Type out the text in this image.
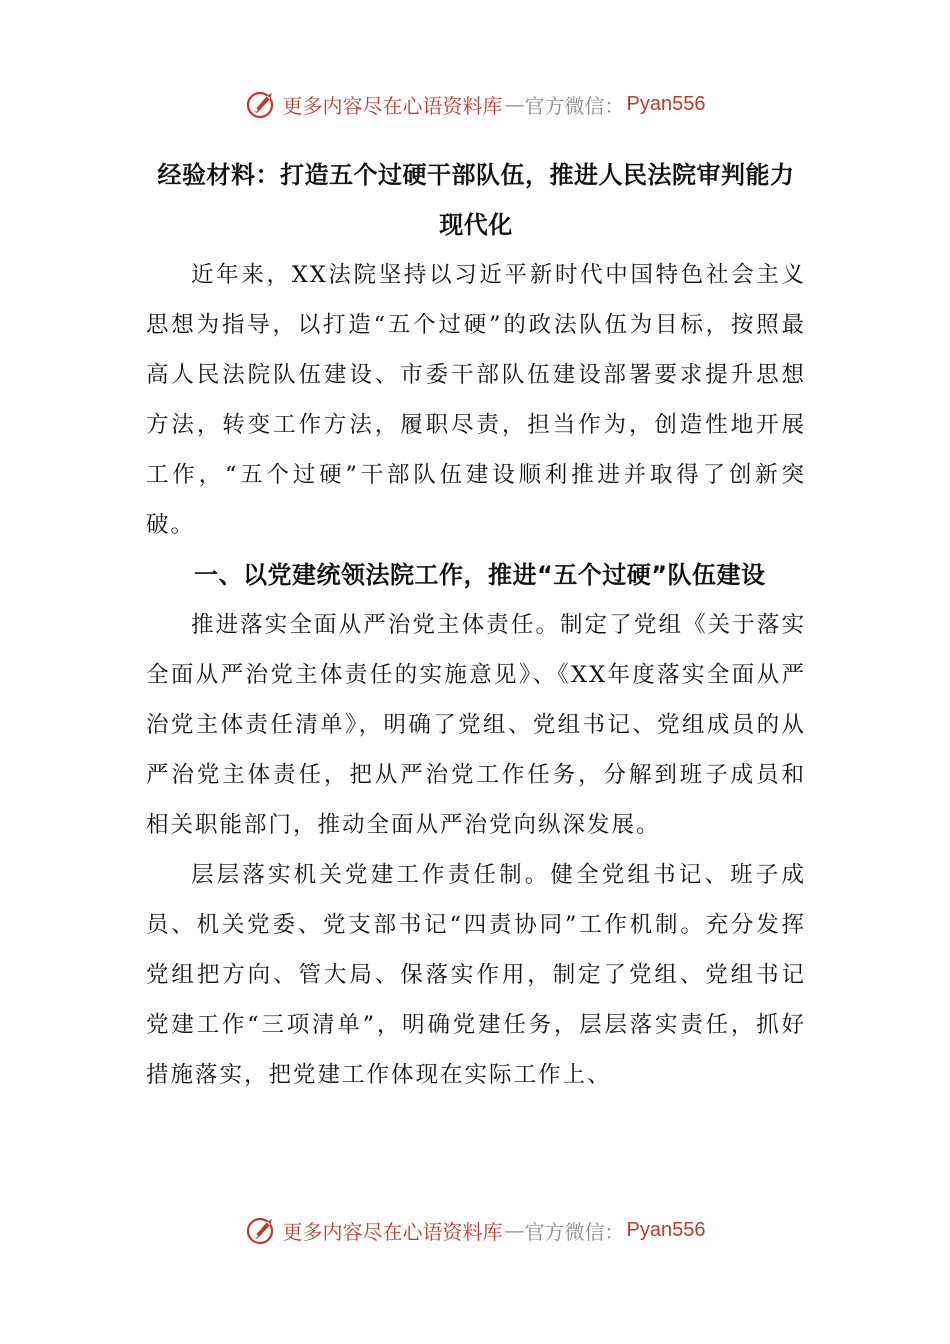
更多内容尽在心语资料库 — 官方微信： Pyan556

经验材料：打造五个过硬干部队伍，推进人民法院审判能力现代化

近年来，XX法院坚持以习近平新时代中国特色社会主义思想为指导，以打造“五个过硬”的政法队伍为目标，按照最高人民法院队伍建设、市委干部队伍建设部署要求提升思想方法，转变工作方法，履职尽责，担当作为，创造性地开展工作，“五个过硬”干部队伍建设顺利推进并取得了创新突破。

一、以党建统领法院工作，推进“五个过硬”队伍建设

推进落实全面从严治党主体责任。制定了党组《关于落实全面从严治党主体责任的实施意见》、《XX年度落实全面从严治党主体责任清单》，明确了党组、党组书记、党组成员的从严治党主体责任，把从严治党工作任务，分解到班子成员和相关职能部门，推动全面从严治党向纵深发展。

层层落实机关党建工作责任制。健全党组书记、班子成员、机关党委、党支部书记“四责协同”工作机制。充分发挥党组把方向、管大局、保落实作用，制定了党组、党组书记党建工作“三项清单”，明确党建任务，层层落实责任，抓好措施落实，把党建工作体现在实际工作上、

更多内容尽在心语资料库 — 官方微信： Pyan556
